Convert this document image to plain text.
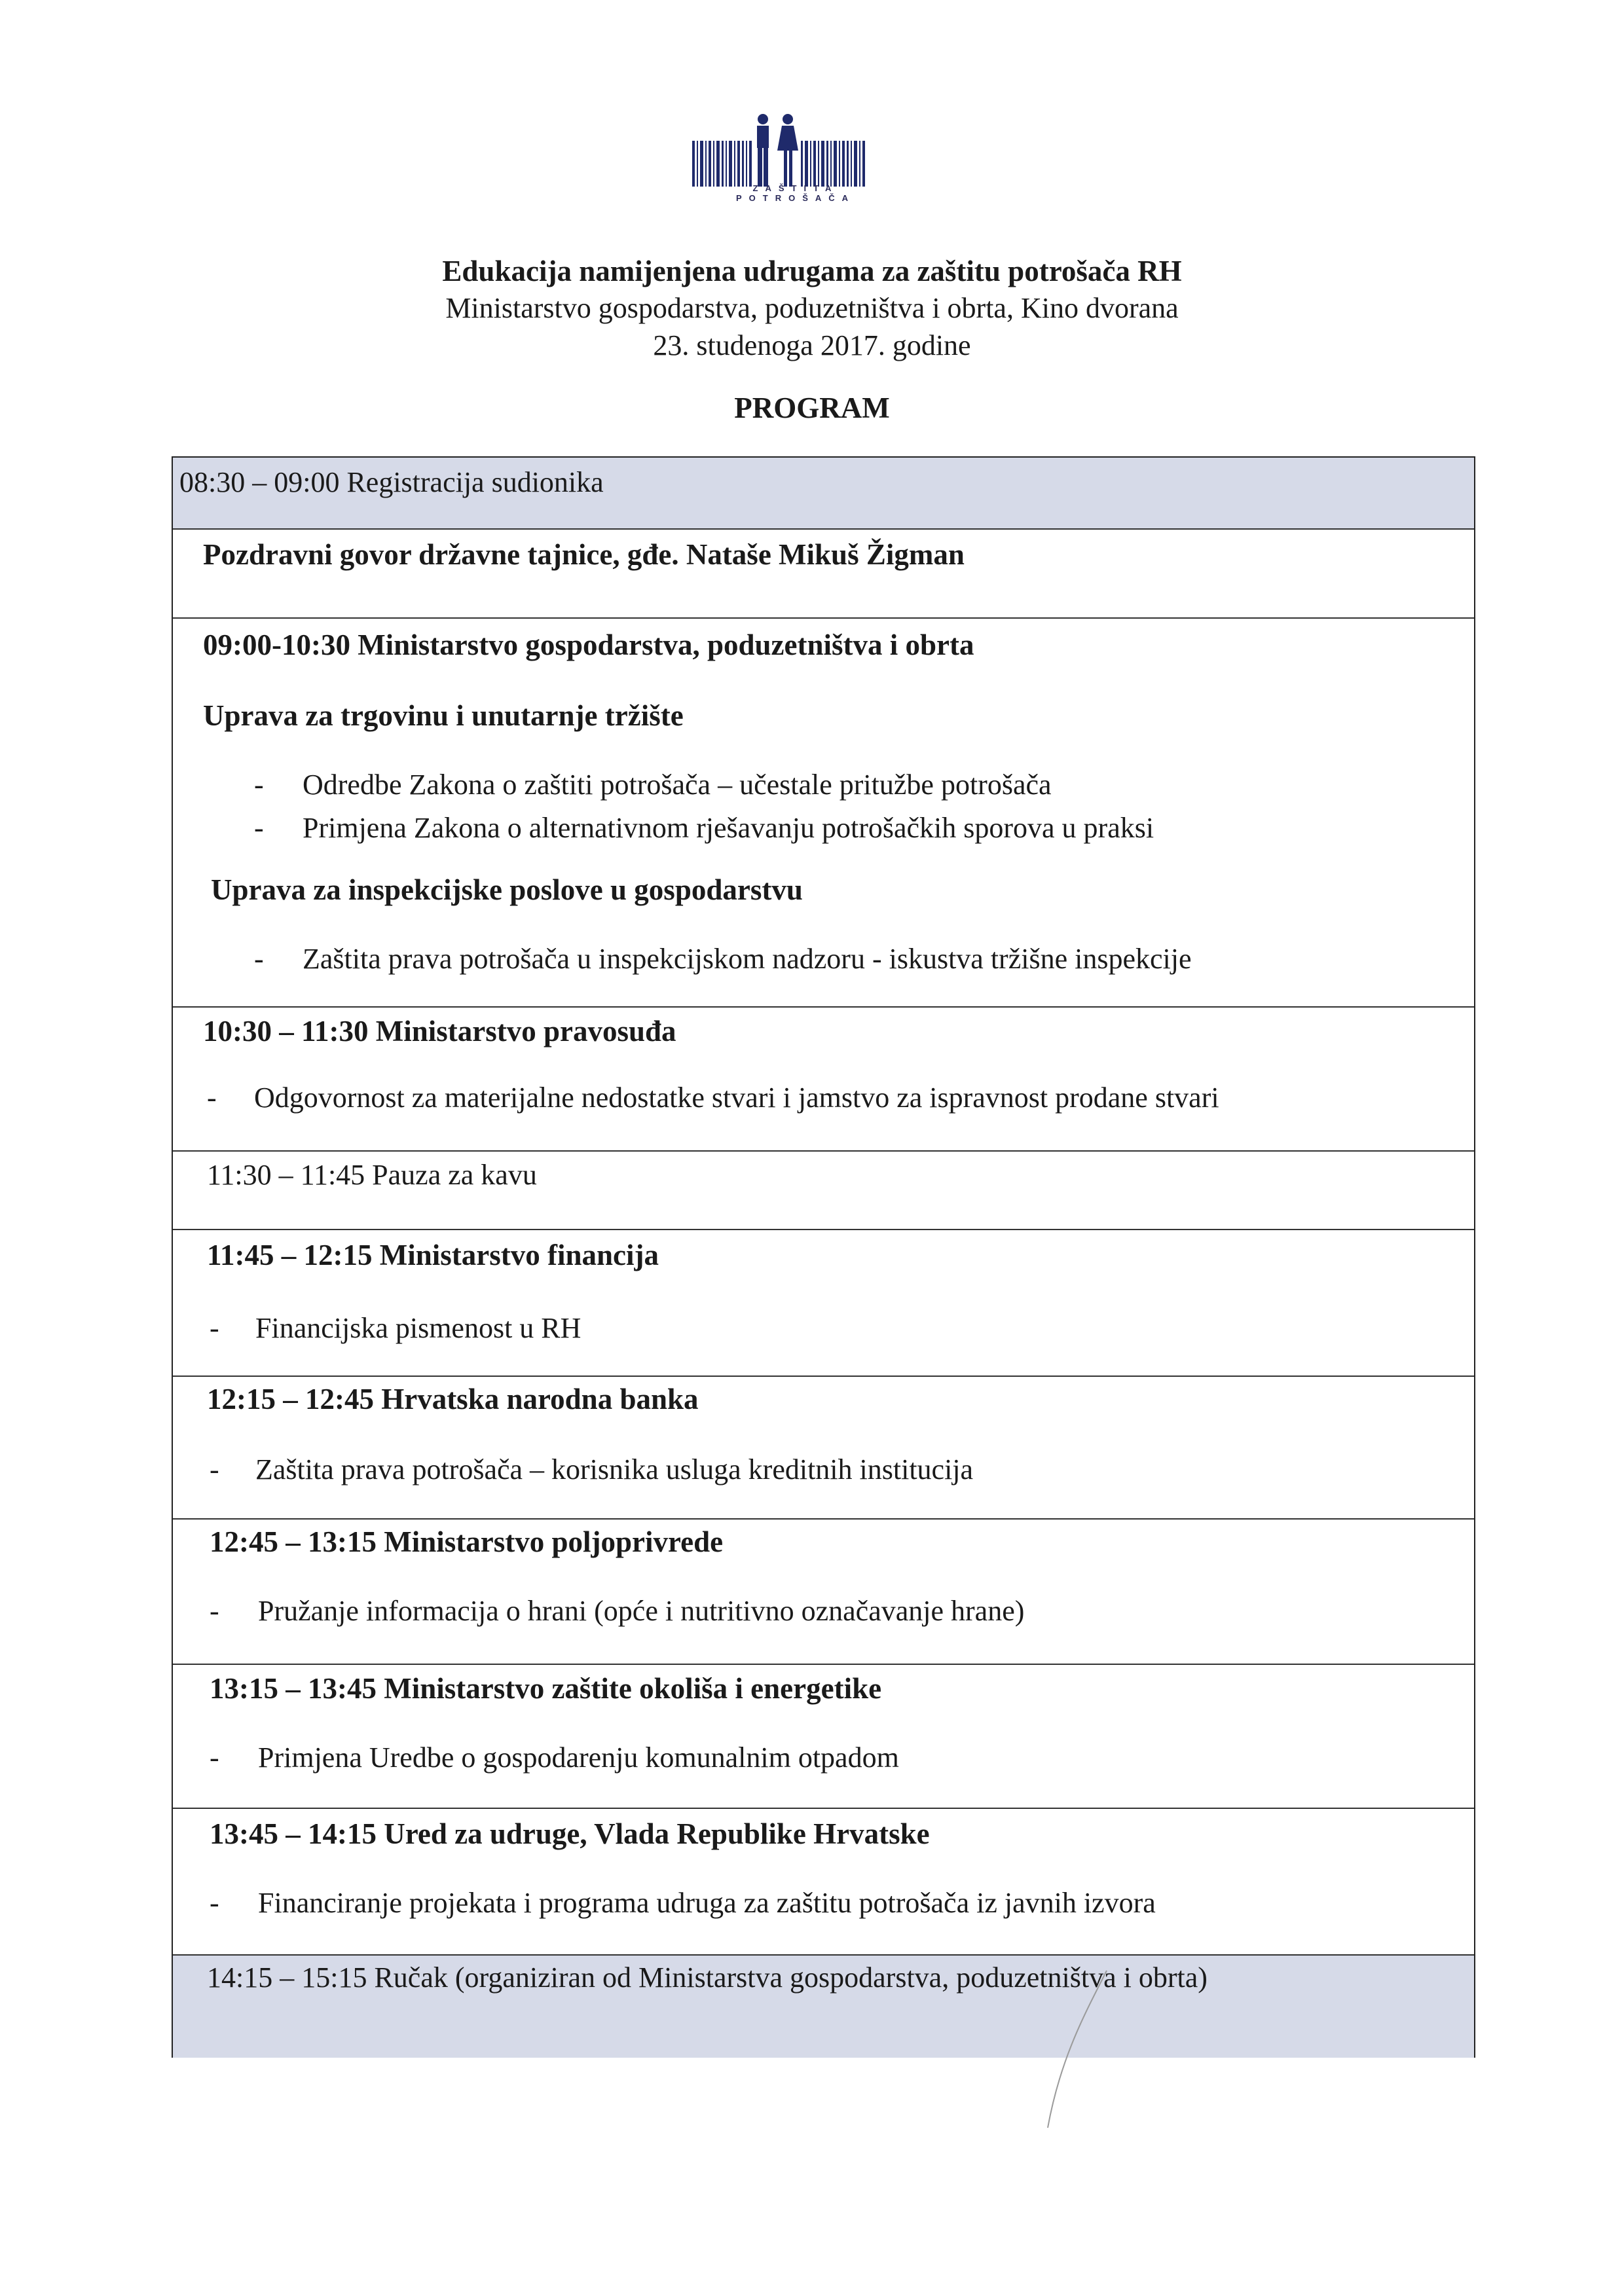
ZAŠTITA POTROŠAČA
Edukacija namijenjena udrugama za zaštitu potrošača RH
Ministarstvo gospodarstva, poduzetništva i obrta, Kino dvorana
23. studenoga 2017. godine
PROGRAM
08:30 – 09:00 Registracija sudionika
Pozdravni govor državne tajnice, gđe. Nataše Mikuš Žigman
09:00-10:30 Ministarstvo gospodarstva, poduzetništva i obrta
Uprava za trgovinu i unutarnje tržište
- Odredbe Zakona o zaštiti potrošača – učestale pritužbe potrošača
- Primjena Zakona o alternativnom rješavanju potrošačkih sporova u praksi
Uprava za inspekcijske poslove u gospodarstvu
- Zaštita prava potrošača u inspekcijskom nadzoru - iskustva tržišne inspekcije
10:30 – 11:30 Ministarstvo pravosuđa
- Odgovornost za materijalne nedostatke stvari i jamstvo za ispravnost prodane stvari
11:30 – 11:45 Pauza za kavu
11:45 – 12:15 Ministarstvo financija
- Financijska pismenost u RH
12:15 – 12:45 Hrvatska narodna banka
- Zaštita prava potrošača – korisnika usluga kreditnih institucija
12:45 – 13:15 Ministarstvo poljoprivrede
- Pružanje informacija o hrani (opće i nutritivno označavanje hrane)
13:15 – 13:45 Ministarstvo zaštite okoliša i energetike
- Primjena Uredbe o gospodarenju komunalnim otpadom
13:45 – 14:15 Ured za udruge, Vlada Republike Hrvatske
- Financiranje projekata i programa udruga za zaštitu potrošača iz javnih izvora
14:15 – 15:15 Ručak (organiziran od Ministarstva gospodarstva, poduzetništva i obrta)
